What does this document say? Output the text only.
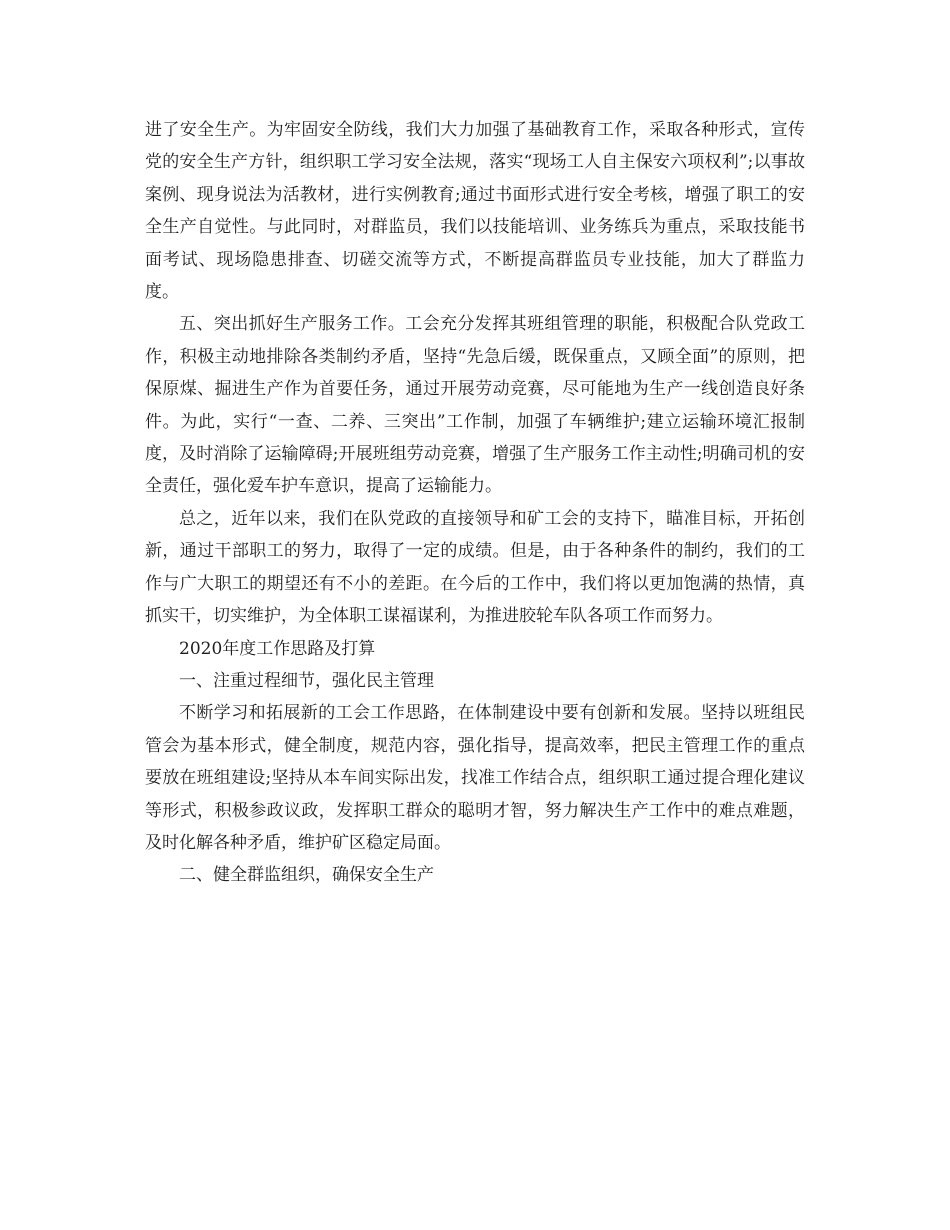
进了安全生产。为牢固安全防线，我们大力加强了基础教育工作，采取各种形式，宣传党的安全生产方针，组织职工学习安全法规，落实“现场工人自主保安六项权利”;以事故案例、现身说法为活教材，进行实例教育;通过书面形式进行安全考核，增强了职工的安全生产自觉性。与此同时，对群监员，我们以技能培训、业务练兵为重点，采取技能书面考试、现场隐患排查、切磋交流等方式，不断提高群监员专业技能，加大了群监力度。

五、突出抓好生产服务工作。工会充分发挥其班组管理的职能，积极配合队党政工作，积极主动地排除各类制约矛盾，坚持“先急后缓，既保重点，又顾全面”的原则，把保原煤、掘进生产作为首要任务，通过开展劳动竞赛，尽可能地为生产一线创造良好条件。为此，实行“一查、二养、三突出”工作制，加强了车辆维护;建立运输环境汇报制度，及时消除了运输障碍;开展班组劳动竞赛，增强了生产服务工作主动性;明确司机的安全责任，强化爱车护车意识，提高了运输能力。

总之，近年以来，我们在队党政的直接领导和矿工会的支持下，瞄准目标，开拓创新，通过干部职工的努力，取得了一定的成绩。但是，由于各种条件的制约，我们的工作与广大职工的期望还有不小的差距。在今后的工作中，我们将以更加饱满的热情，真抓实干，切实维护，为全体职工谋福谋利，为推进胶轮车队各项工作而努力。

2020年度工作思路及打算

一、注重过程细节，强化民主管理

不断学习和拓展新的工会工作思路，在体制建设中要有创新和发展。坚持以班组民管会为基本形式，健全制度，规范内容，强化指导，提高效率，把民主管理工作的重点要放在班组建设;坚持从本车间实际出发，找准工作结合点，组织职工通过提合理化建议等形式，积极参政议政，发挥职工群众的聪明才智，努力解决生产工作中的难点难题，及时化解各种矛盾，维护矿区稳定局面。

二、健全群监组织，确保安全生产
